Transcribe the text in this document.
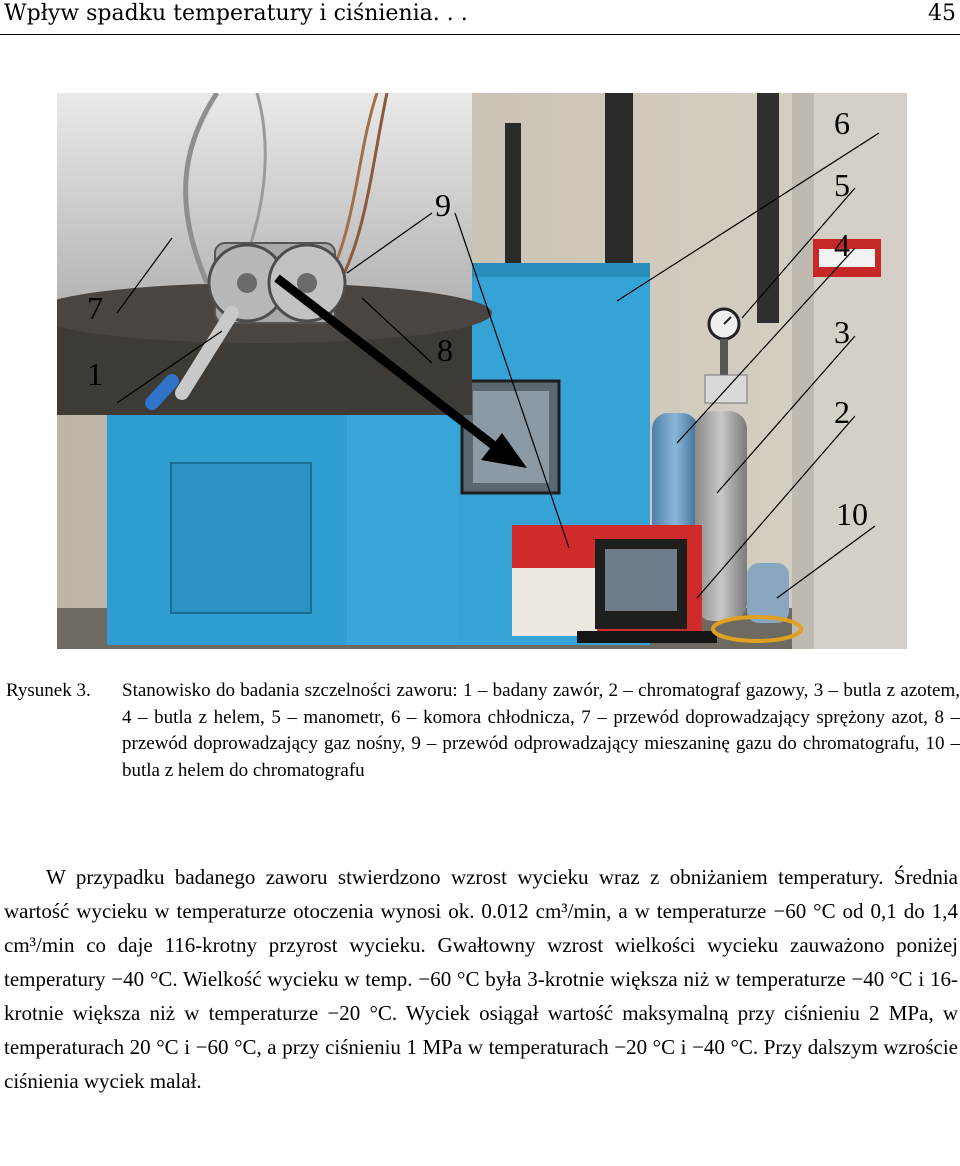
Wpływ spadku temperatury i ciśnienia. . .	45
7
1
9
8
6
5
4
3
2
10
Rysunek 3. Stanowisko do badania szczelności zaworu: 1 – badany zawór, 2 – chromatograf gazowy, 3 – butla z azotem, 4 – butla z helem, 5 – manometr, 6 – komora chłodnicza, 7 – przewód doprowadzający sprężony azot, 8 – przewód doprowadzający gaz nośny, 9 – przewód odprowadzający mieszaninę gazu do chromatografu, 10 – butla z helem do chromatografu

W przypadku badanego zaworu stwierdzono wzrost wycieku wraz z obniżaniem temperatury. Średnia wartość wycieku w temperaturze otoczenia wynosi ok. 0.012 cm³/min, a w temperaturze −60 °C od 0,1 do 1,4 cm³/min co daje 116-krotny przyrost wycieku. Gwałtowny wzrost wielkości wycieku zauważono poniżej temperatury −40 °C. Wielkość wycieku w temp. −60 °C była 3-krotnie większa niż w temperaturze −40 °C i 16-krotnie większa niż w temperaturze −20 °C. Wyciek osiągał wartość maksymalną przy ciśnieniu 2 MPa, w temperaturach 20 °C i −60 °C, a przy ciśnieniu 1 MPa w temperaturach −20 °C i −40 °C. Przy dalszym wzroście ciśnienia wyciek malał.
